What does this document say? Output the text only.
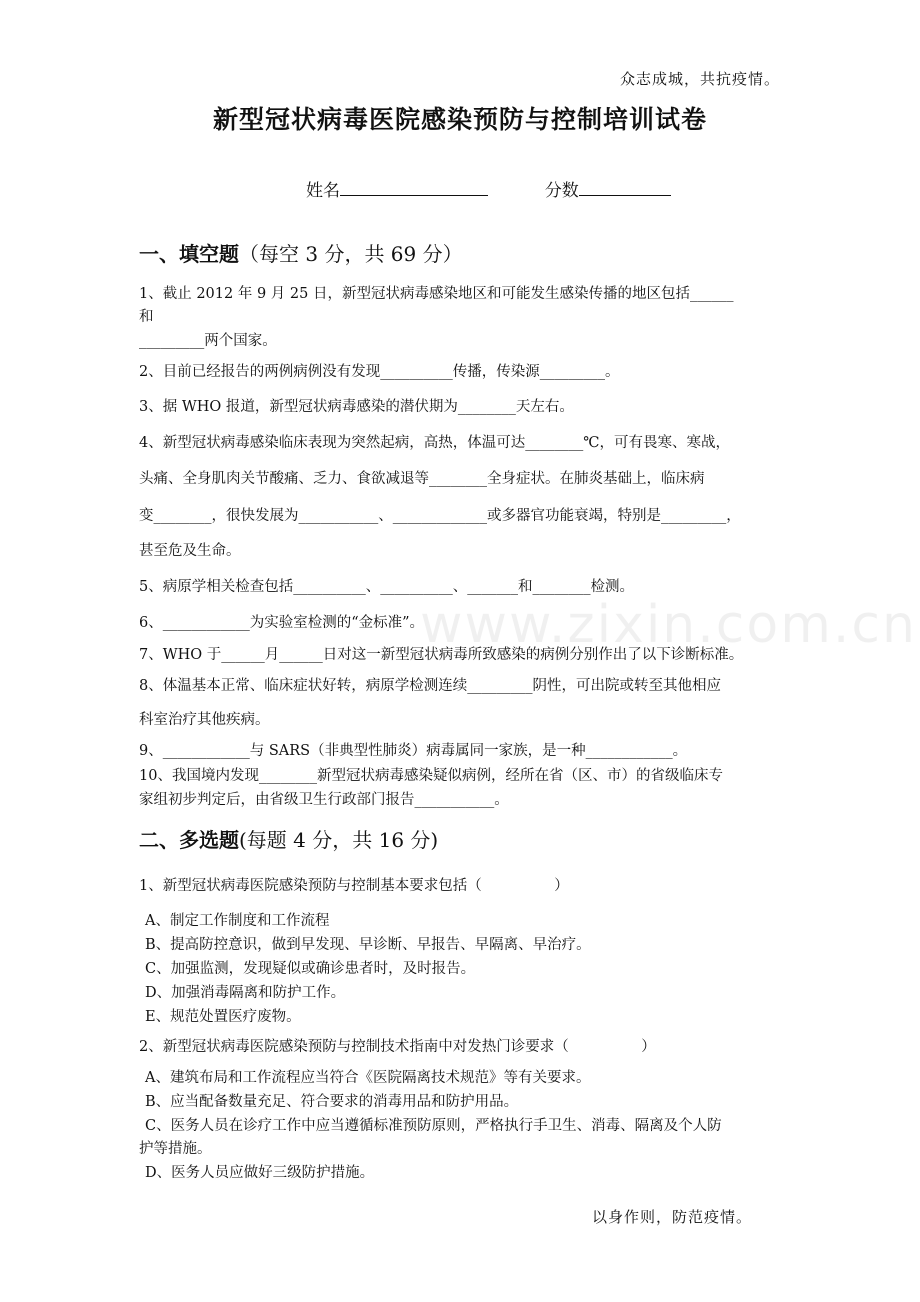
www.zixin.com.cn
众志成城，共抗疫情。
新型冠状病毒医院感染预防与控制培训试卷
姓名	分数
一、填空题（每空 3 分，共 69 分）
1、截止 2012 年 9 月 25 日，新型冠状病毒感染地区和可能发生感染传播的地区包括______
和
_________两个国家。
2、目前已经报告的两例病例没有发现__________传播，传染源_________。
3、据 WHO 报道，新型冠状病毒感染的潜伏期为________天左右。
4、新型冠状病毒感染临床表现为突然起病，高热，体温可达________℃，可有畏寒、寒战，
头痛、全身肌肉关节酸痛、乏力、食欲减退等________全身症状。在肺炎基础上，临床病
变________，很快发展为___________、_____________或多器官功能衰竭，特别是_________，
甚至危及生命。
5、病原学相关检查包括__________、__________、_______和________检测。
6、____________为实验室检测的“金标准”。
7、WHO 于______月______日对这一新型冠状病毒所致感染的病例分别作出了以下诊断标准。
8、体温基本正常、临床症状好转，病原学检测连续_________阴性，可出院或转至其他相应
科室治疗其他疾病。
9、____________与 SARS（非典型性肺炎）病毒属同一家族，是一种____________。
10、我国境内发现________新型冠状病毒感染疑似病例，经所在省（区、市）的省级临床专
家组初步判定后，由省级卫生行政部门报告___________。
二、多选题(每题 4 分，共 16 分)
1、新型冠状病毒医院感染预防与控制基本要求包括（　　　　　）
A、制定工作制度和工作流程
B、提高防控意识，做到早发现、早诊断、早报告、早隔离、早治疗。
C、加强监测，发现疑似或确诊患者时，及时报告。
D、加强消毒隔离和防护工作。
E、规范处置医疗废物。
2、新型冠状病毒医院感染预防与控制技术指南中对发热门诊要求（　　　　　）
A、建筑布局和工作流程应当符合《医院隔离技术规范》等有关要求。
B、应当配备数量充足、符合要求的消毒用品和防护用品。
C、医务人员在诊疗工作中应当遵循标准预防原则，严格执行手卫生、消毒、隔离及个人防
护等措施。
D、医务人员应做好三级防护措施。
以身作则，防范疫情。
